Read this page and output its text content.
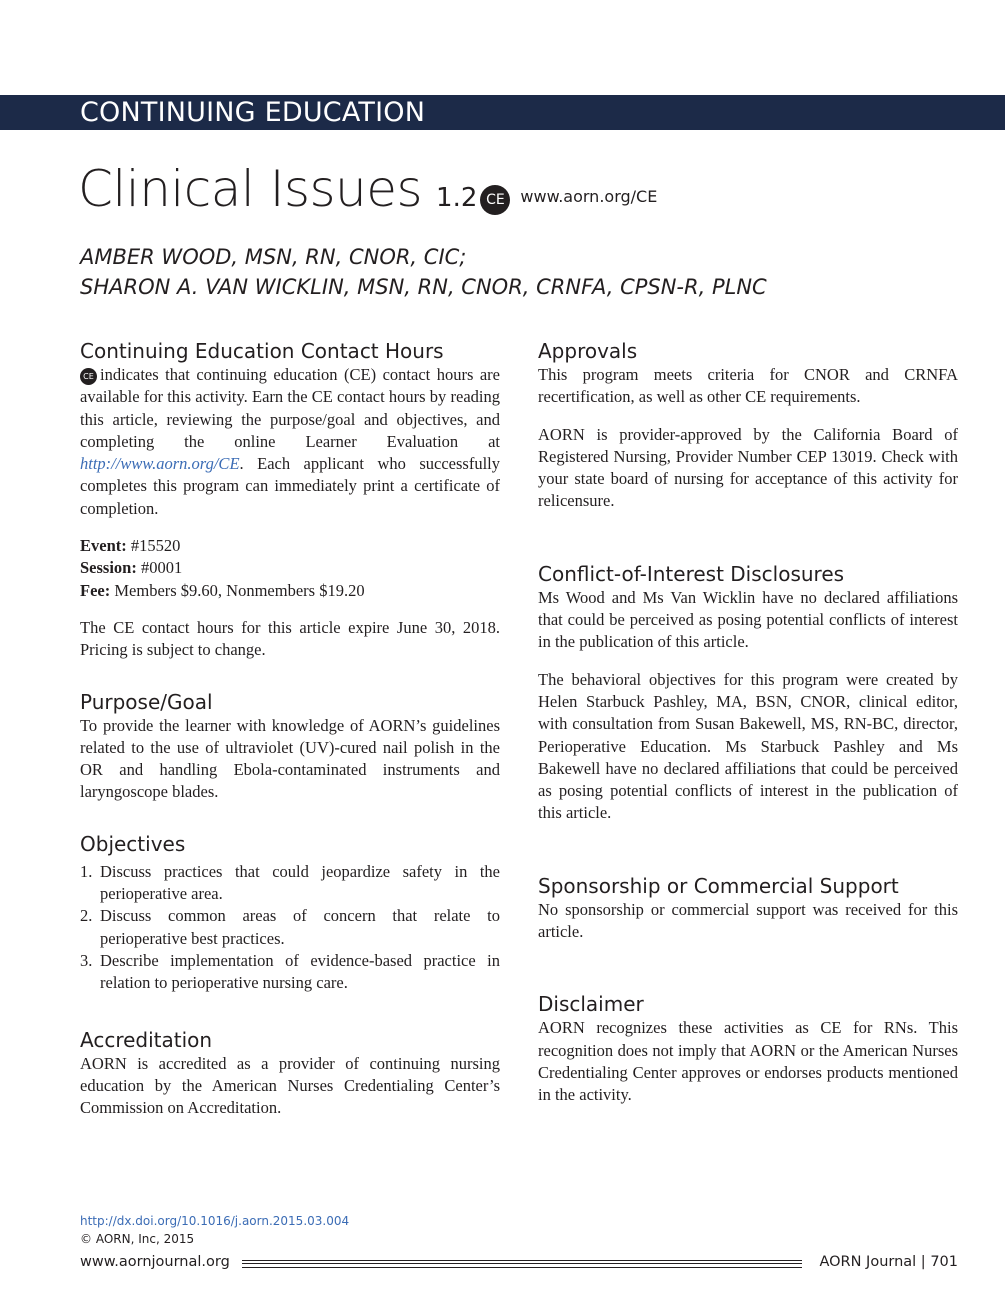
CONTINUING EDUCATION
Clinical Issues 1.2 CE www.aorn.org/CE
AMBER WOOD, MSN, RN, CNOR, CIC;
SHARON A. VAN WICKLIN, MSN, RN, CNOR, CRNFA, CPSN-R, PLNC
Continuing Education Contact Hours

CE indicates that continuing education (CE) contact hours are available for this activity. Earn the CE contact hours by reading this article, reviewing the purpose/goal and objectives, and completing the online Learner Evaluation at http://www.aorn.org/CE. Each applicant who successfully completes this program can immediately print a certificate of completion.

Event: #15520
Session: #0001
Fee: Members $9.60, Nonmembers $19.20

The CE contact hours for this article expire June 30, 2018. Pricing is subject to change.

Purpose/Goal

To provide the learner with knowledge of AORN’s guidelines related to the use of ultraviolet (UV)-cured nail polish in the OR and handling Ebola-contaminated instruments and laryngoscope blades.

Objectives
1. Discuss practices that could jeopardize safety in the perioperative area.
2. Discuss common areas of concern that relate to perioperative best practices.
3. Describe implementation of evidence-based practice in relation to perioperative nursing care.
Accreditation

AORN is accredited as a provider of continuing nursing education by the American Nurses Credentialing Center’s Commission on Accreditation.

Approvals

This program meets criteria for CNOR and CRNFA recertification, as well as other CE requirements.

AORN is provider-approved by the California Board of Registered Nursing, Provider Number CEP 13019. Check with your state board of nursing for acceptance of this activity for relicensure.

Conflict-of-Interest Disclosures

Ms Wood and Ms Van Wicklin have no declared affiliations that could be perceived as posing potential conflicts of interest in the publication of this article.

The behavioral objectives for this program were created by Helen Starbuck Pashley, MA, BSN, CNOR, clinical editor, with consultation from Susan Bakewell, MS, RN-BC, director, Perioperative Education. Ms Starbuck Pashley and Ms Bakewell have no declared affiliations that could be perceived as posing potential conflicts of interest in the publication of this article.

Sponsorship or Commercial Support

No sponsorship or commercial support was received for this article.

Disclaimer

AORN recognizes these activities as CE for RNs. This recognition does not imply that AORN or the American Nurses Credentialing Center approves or endorses products mentioned in the activity.

http://dx.doi.org/10.1016/j.aorn.2015.03.004
© AORN, Inc, 2015
www.aornjournal.org	AORN Journal | 701
